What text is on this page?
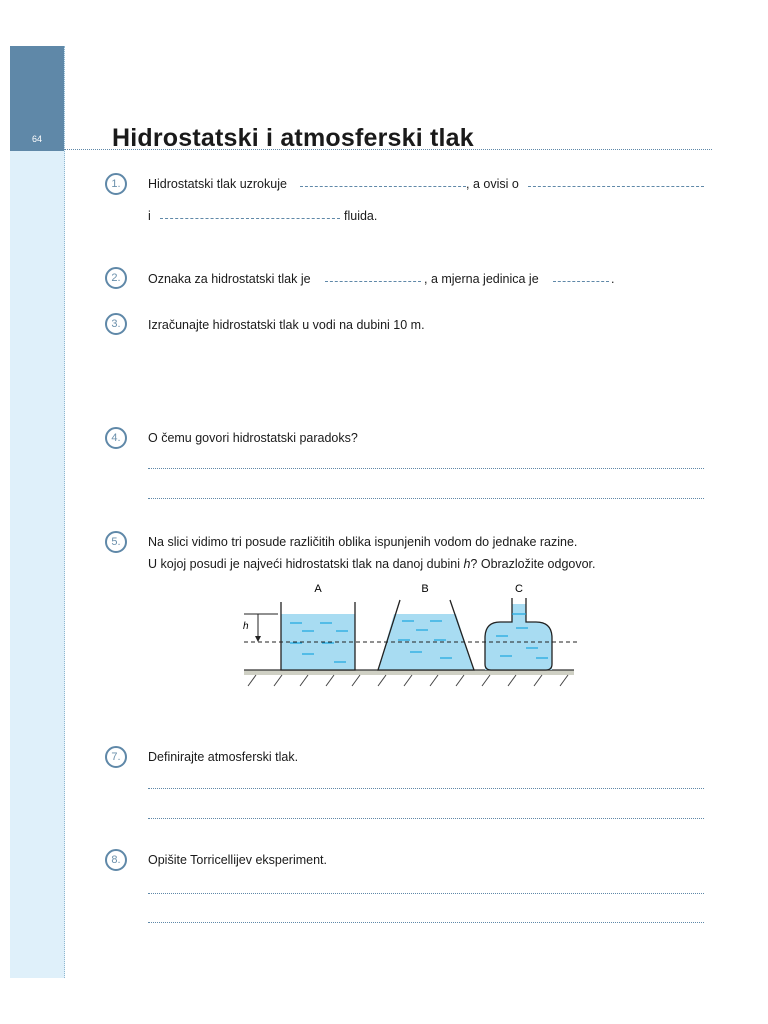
64	Hidrostatski i atmosferski tlak
1.	Hidrostatski tlak uzrokuje	, a ovisi o
i	fluida.
2.	Oznaka za hidrostatski tlak je	, a mjerna jedinica je	.
3.	Izračunajte hidrostatski tlak u vodi na dubini 10 m.
4.	O čemu govori hidrostatski paradoks?
5.	Na slici vidimo tri posude različitih oblika ispunjenih vodom do jednake razine.
U kojoj posudi je najveći hidrostatski tlak na danoj dubini h? Obrazložite odgovor.
A	B	C
h
7.	Definirajte atmosferski tlak.
8.	Opišite Torricellijev eksperiment.
